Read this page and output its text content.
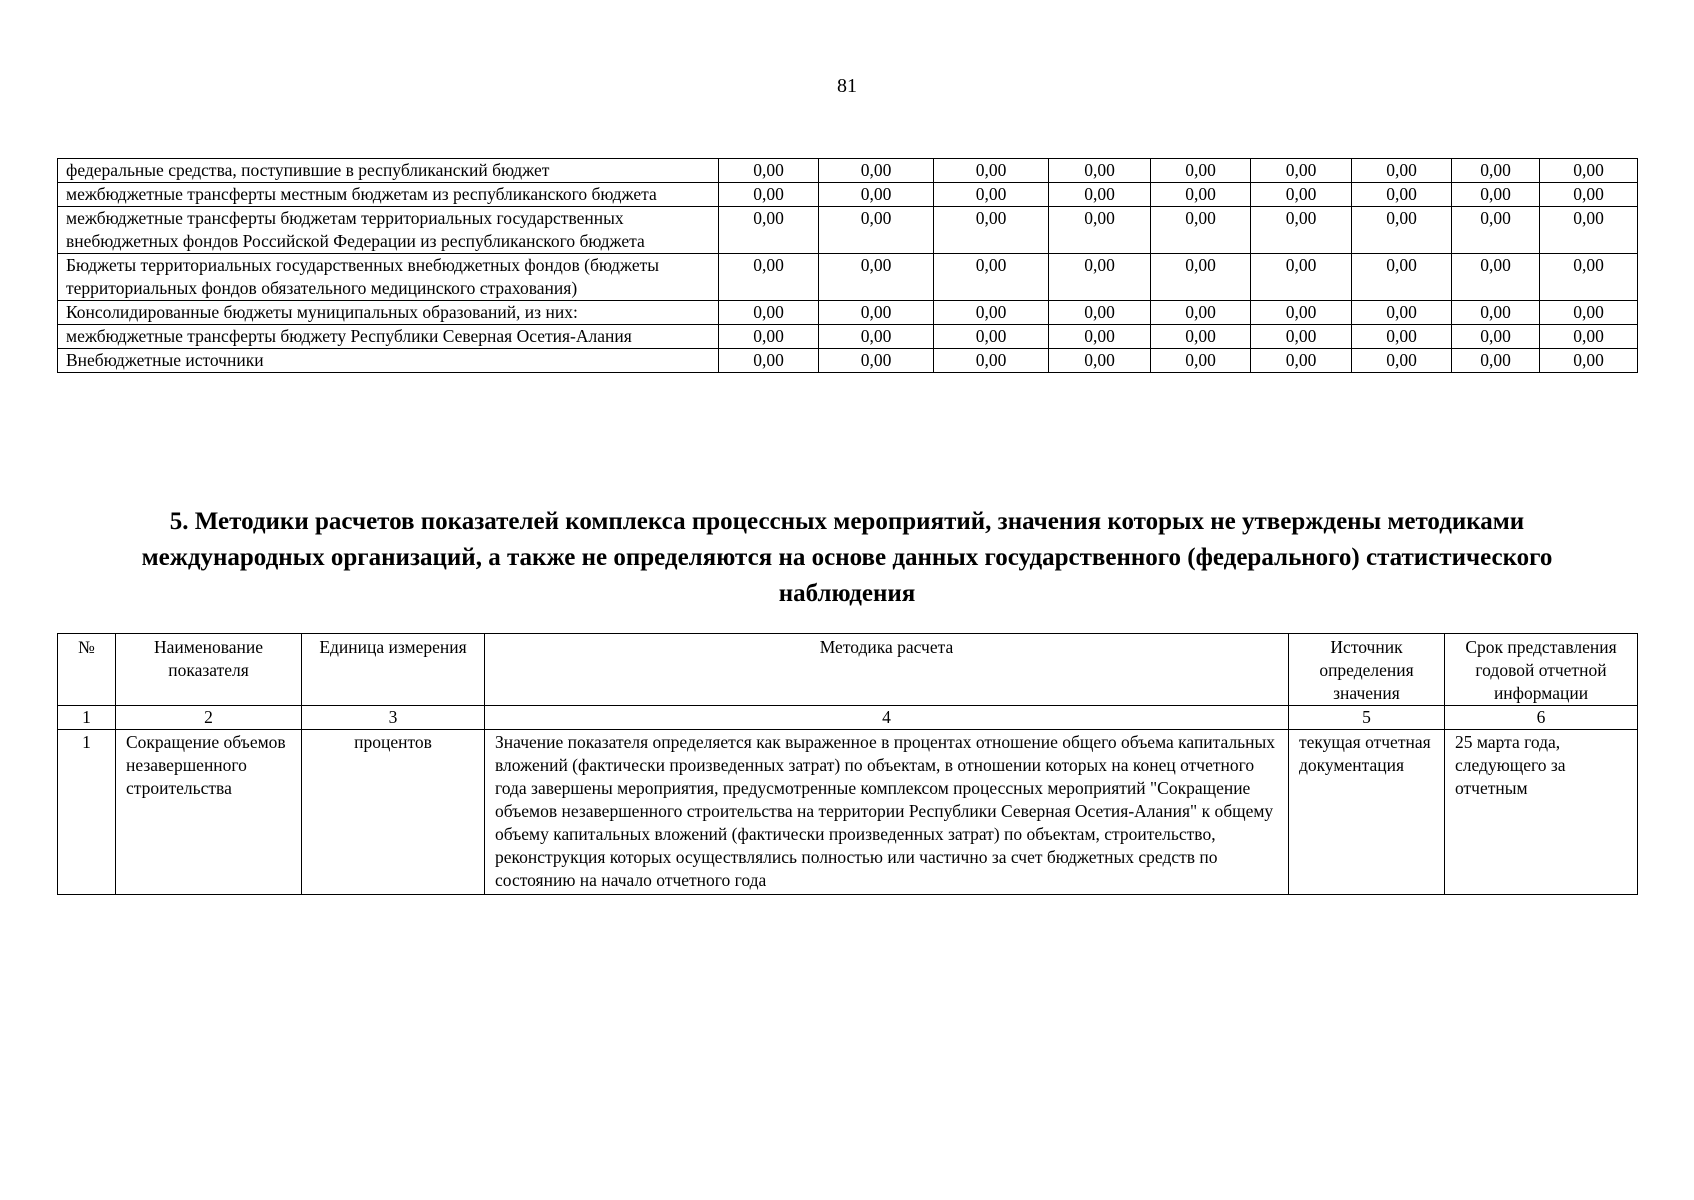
81
федеральные средства, поступившие в республиканский бюджет	0,00	0,00	0,00	0,00	0,00	0,00	0,00	0,00	0,00
межбюджетные трансферты местным бюджетам из республиканского бюджета	0,00	0,00	0,00	0,00	0,00	0,00	0,00	0,00	0,00
межбюджетные трансферты бюджетам территориальных государственных внебюджетных фондов Российской Федерации из республиканского бюджета	0,00	0,00	0,00	0,00	0,00	0,00	0,00	0,00	0,00
Бюджеты территориальных государственных внебюджетных фондов (бюджеты территориальных фондов обязательного медицинского страхования)	0,00	0,00	0,00	0,00	0,00	0,00	0,00	0,00	0,00
Консолидированные бюджеты муниципальных образований, из них:	0,00	0,00	0,00	0,00	0,00	0,00	0,00	0,00	0,00
межбюджетные трансферты бюджету Республики Северная Осетия-Алания	0,00	0,00	0,00	0,00	0,00	0,00	0,00	0,00	0,00
Внебюджетные источники	0,00	0,00	0,00	0,00	0,00	0,00	0,00	0,00	0,00
5. Методики расчетов показателей комплекса процессных мероприятий, значения которых не утверждены методиками международных организаций, а также не определяются на основе данных государственного (федерального) статистического наблюдения
№	Наименование показателя	Единица измерения	Методика расчета	Источник определения значения	Срок представления годовой отчетной информации
1	2	3	4	5	6
1	Сокращение объемов незавершенного строительства	процентов	Значение показателя определяется как выраженное в процентах отношение общего объема капитальных вложений (фактически произведенных затрат) по объектам, в отношении которых на конец отчетного года завершены мероприятия, предусмотренные комплексом процессных мероприятий "Сокращение объемов незавершенного строительства на территории Республики Северная Осетия-Алания" к общему объему капитальных вложений (фактически произведенных затрат) по объектам, строительство, реконструкция которых осуществлялись полностью или частично за счет бюджетных средств по состоянию на начало отчетного года	текущая отчетная документация	25 марта года, следующего за отчетным
